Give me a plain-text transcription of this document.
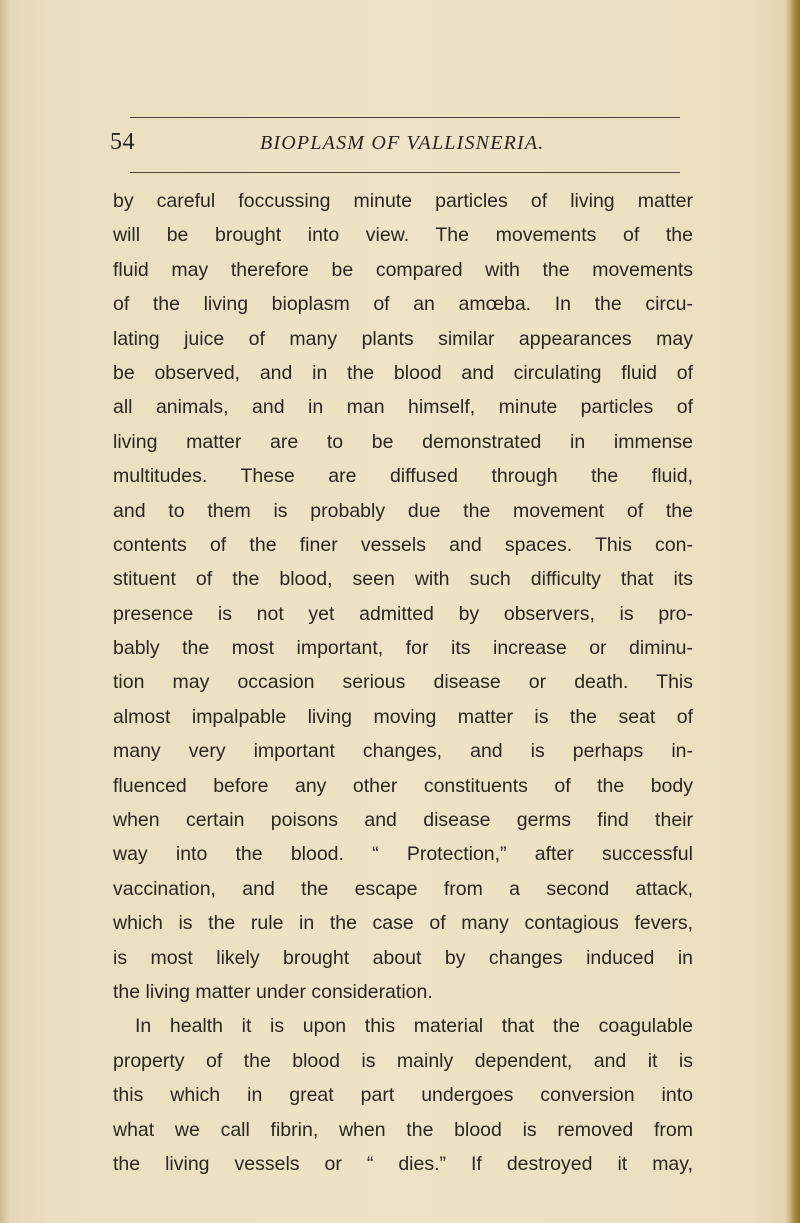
54	BIOPLASM OF VALLISNERIA.
by careful foccussing minute particles of living matter
will be brought into view. The movements of the
fluid may therefore be compared with the movements
of the living bioplasm of an amœba. In the circu-
lating juice of many plants similar appearances may
be observed, and in the blood and circulating fluid of
all animals, and in man himself, minute particles of
living matter are to be demonstrated in immense
multitudes. These are diffused through the fluid,
and to them is probably due the movement of the
contents of the finer vessels and spaces. This con-
stituent of the blood, seen with such difficulty that its
presence is not yet admitted by observers, is pro-
bably the most important, for its increase or diminu-
tion may occasion serious disease or death. This
almost impalpable living moving matter is the seat of
many very important changes, and is perhaps in-
fluenced before any other constituents of the body
when certain poisons and disease germs find their
way into the blood. “ Protection,” after successful
vaccination, and the escape from a second attack,
which is the rule in the case of many contagious fevers,
is most likely brought about by changes induced in
the living matter under consideration.
In health it is upon this material that the coagulable
property of the blood is mainly dependent, and it is
this which in great part undergoes conversion into
what we call fibrin, when the blood is removed from
the living vessels or “ dies.” If destroyed it may,
